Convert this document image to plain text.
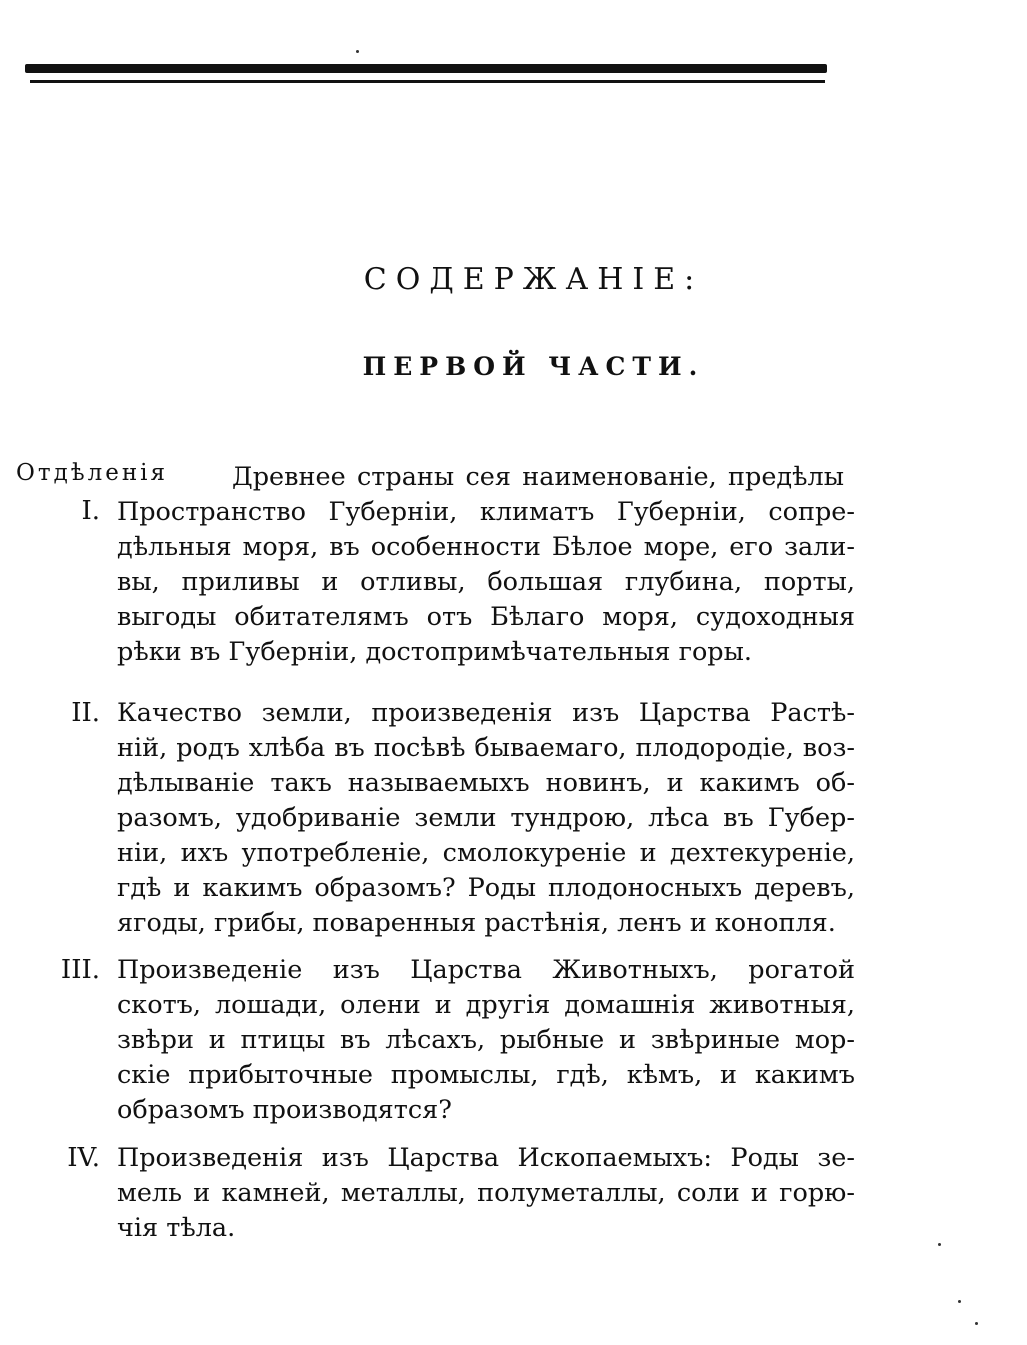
СОДЕРЖАНІЕ:
ПЕРВОЙ ЧАСТИ.
Отдѣленія
I.
Древнее страны сея наименованіе, предѣлы
Пространство Губерніи, климатъ Губерніи, сопре-
дѣльныя моря, въ особенности Бѣлое море, его зали-
вы, приливы и отливы, большая глубина, порты,
выгоды обитателямъ отъ Бѣлаго моря, судоходныя
рѣки въ Губерніи, достопримѣчательныя горы.
II. Качество земли, произведенія изъ Царства Растѣ-
ній, родъ хлѣба въ посѣвѣ бываемаго, плодородіе, воз-
дѣлываніе такъ называемыхъ новинъ, и какимъ об-
разомъ, удобриваніе земли тундрою, лѣса въ Губер-
ніи, ихъ употребленіе, смолокуреніе и дехтекуреніе,
гдѣ и какимъ образомъ? Роды плодоносныхъ деревъ,
ягоды, грибы, поваренныя растѣнія, ленъ и конопля.
III. Произведеніе изъ Царства Животныхъ, рогатой
скотъ, лошади, олени и другія домашнія животныя,
звѣри и птицы въ лѣсахъ, рыбные и звѣриные мор-
скіе прибыточные промыслы, гдѣ, кѣмъ, и какимъ
образомъ производятся?
IV. Произведенія изъ Царства Ископаемыхъ: Роды зе-
мель и камней, металлы, полуметаллы, соли и горю-
чія тѣла.
